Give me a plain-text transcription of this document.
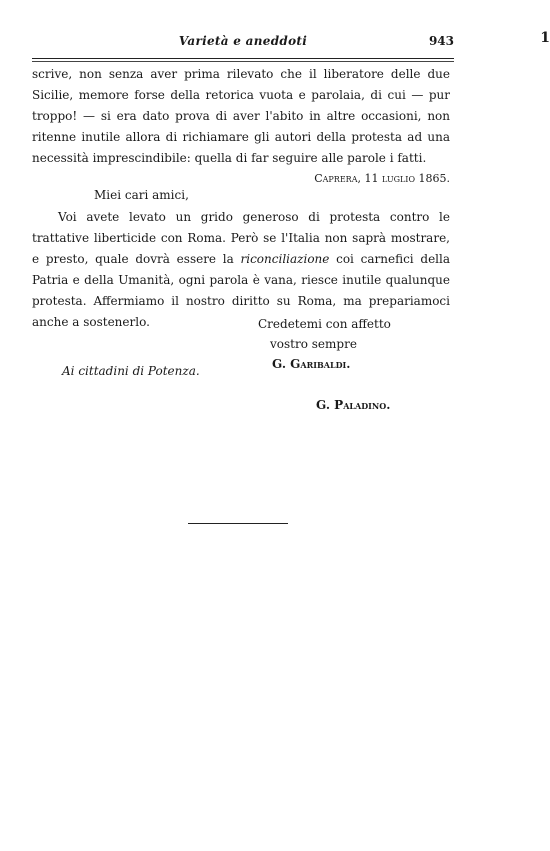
Varietà e aneddoti	943	1
scrive, non senza aver prima rilevato che il liberatore delle due Sicilie, memore forse della retorica vuota e parolaia, di cui — pur troppo! — si era dato prova di aver l'abito in altre occasioni, non ritenne inutile allora di richiamare gli autori della protesta ad una necessità imprescindibile: quella di far seguire alle parole i fatti.
Caprera, 11 luglio 1865.
Miei cari amici,
Voi avete levato un grido generoso di protesta contro le trattative liberticide con Roma. Però se l'Italia non saprà mostrare, e presto, quale dovrà essere la riconciliazione coi carnefici della Patria e della Umanità, ogni parola è vana, riesce inutile qualunque protesta. Affermiamo il nostro diritto su Roma, ma prepariamoci anche a sostenerlo.	Credetemi con affetto
vostro sempre
G. Garibaldi.
Ai cittadini di Potenza.
G. Paladino.
